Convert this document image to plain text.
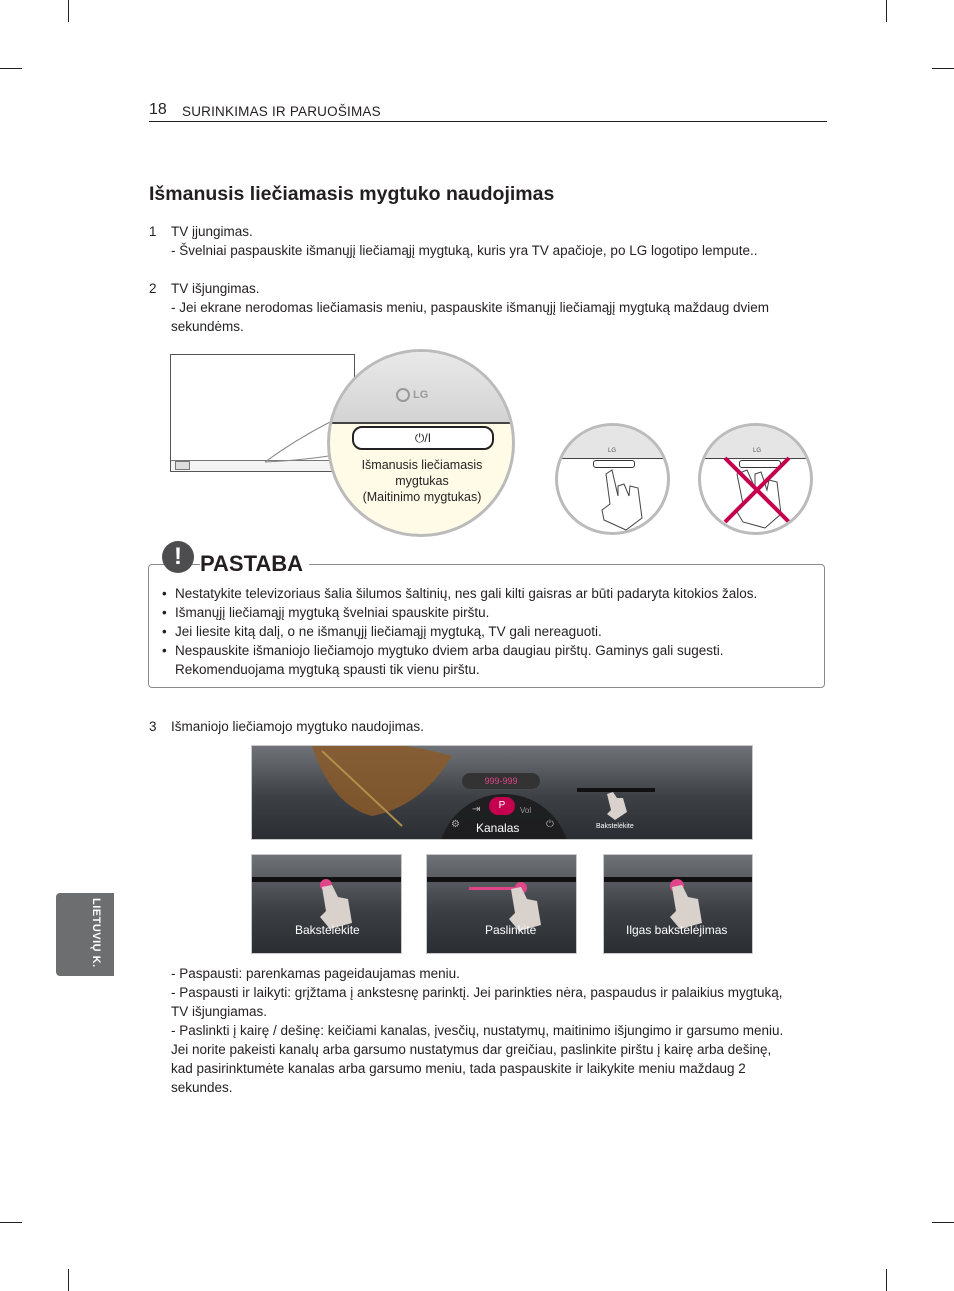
18 SURINKIMAS IR PARUOŠIMAS
Išmanusis liečiamasis mygtuko naudojimas
1 TV įjungimas.
- Švelniai paspauskite išmanųjį liečiamąjį mygtuką, kuris yra TV apačioje, po LG logotipo lempute..
2 TV išjungimas.
- Jei ekrane nerodomas liečiamasis meniu, paspauskite išmanųjį liečiamąjį mygtuką maždaug dviem
sekundėms.
LG
⏻/I
Išmanusis liečiamasis
mygtukas
(Maitinimo mygtukas)
LG	LG
! PASTABA
• Nestatykite televizoriaus šalia šilumos šaltinių, nes gali kilti gaisras ar būti padaryta kitokios žalos.
• Išmanųjį liečiamąjį mygtuką švelniai spauskite pirštu.
• Jei liesite kitą dalį, o ne išmanųjį liečiamąjį mygtuką, TV gali nereaguoti.
• Nespauskite išmaniojo liečiamojo mygtuko dviem arba daugiau pirštų. Gaminys gali sugesti.
Rekomenduojama mygtuką spausti tik vienu pirštu.
3 Išmaniojo liečiamojo mygtuko naudojimas.
999-999
P
⇥	Vol
⚙	⏻
Kanalas	Bakstelėkite
Bakstelėkite	Paslinkite	Ilgas bakstelėjimas
LIETUVIŲ K.
- Paspausti: parenkamas pageidaujamas meniu.
- Paspausti ir laikyti: grįžtama į ankstesnę parinktį. Jei parinkties nėra, paspaudus ir palaikius mygtuką,
TV išjungiamas.
- Paslinkti į kairę / dešinę: keičiami kanalas, įvesčių, nustatymų, maitinimo išjungimo ir garsumo meniu.
Jei norite pakeisti kanalų arba garsumo nustatymus dar greičiau, paslinkite pirštu į kairę arba dešinę,
kad pasirinktumėte kanalas arba garsumo meniu, tada paspauskite ir laikykite meniu maždaug 2
sekundes.
